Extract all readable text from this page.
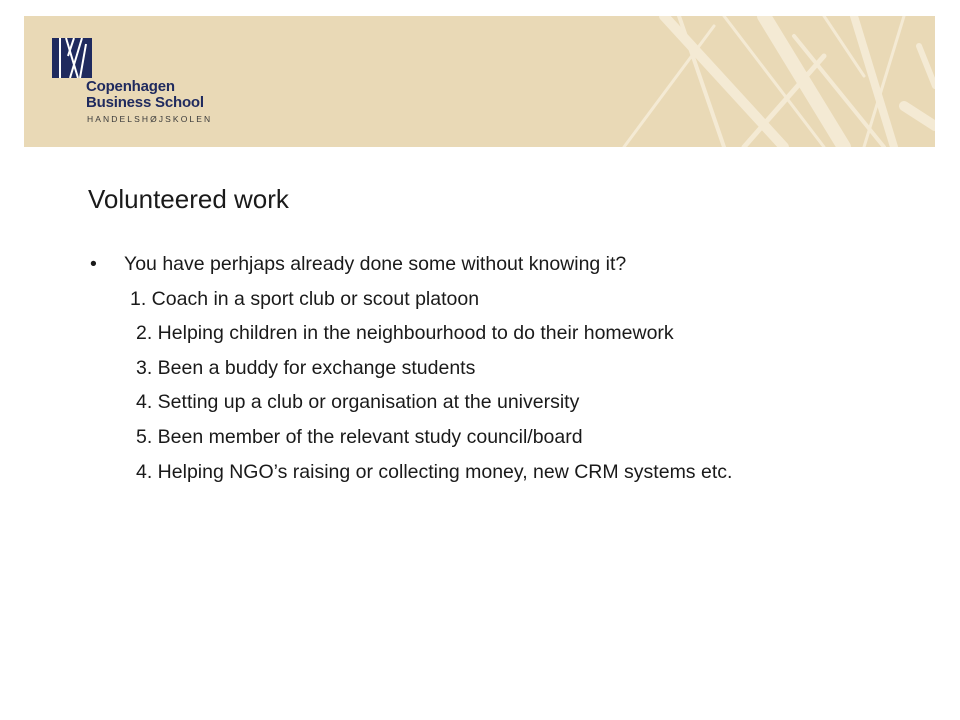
Copenhagen
Business School
HANDELSHØJSKOLEN
Volunteered work
• You have perhjaps already done some without knowing it?
1. Coach in a sport club or scout platoon
2. Helping children in the neighbourhood to do their homework
3. Been a buddy for exchange students
4. Setting up a club or organisation at the university
5. Been member of the relevant study council/board
4. Helping NGO’s raising or collecting money, new CRM systems etc.
